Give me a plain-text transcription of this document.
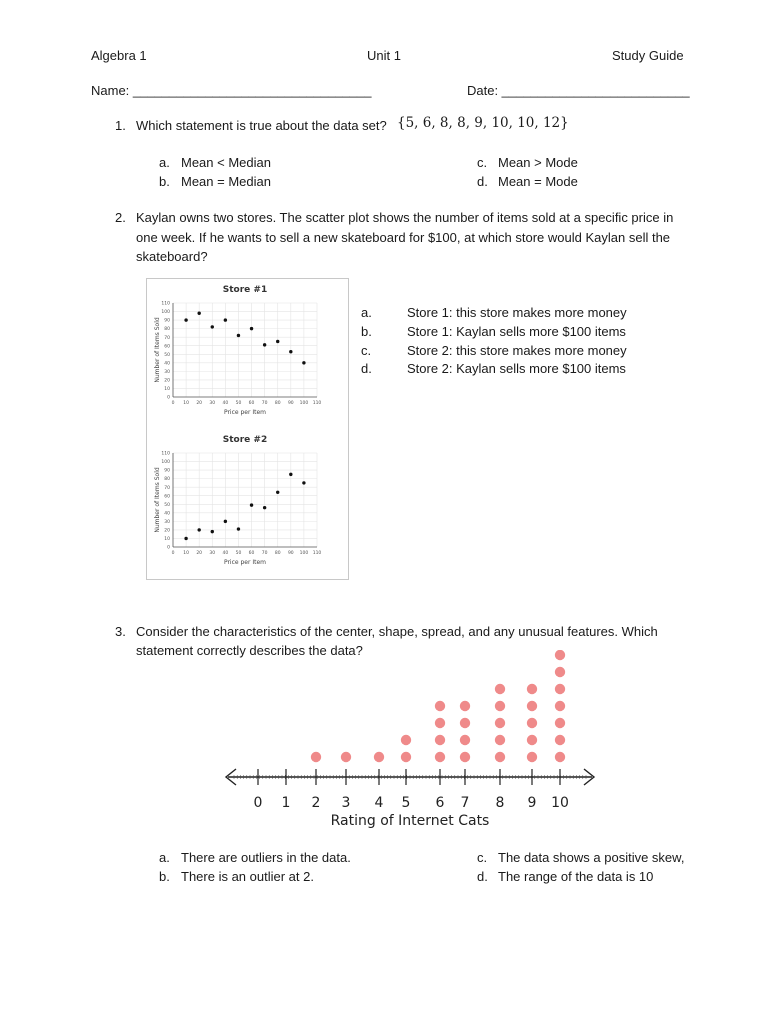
Algebra 1	Unit 1	Study Guide
Name: _________________________________	Date: __________________________
1. Which statement is true about the data set? {5, 6, 8, 8, 9, 10, 10, 12}
a. Mean < Median
b. Mean = Median
c. Mean > Mode
d. Mean = Mode
2. Kaylan owns two stores. The scatter plot shows the number of items sold at a specific price in
one week. If he wants to sell a new skateboard for $100, at which store would Kaylan sell the
skateboard?
Store #1
0
10
20
30
40
50
60
70
80
90
100
110
0 10 20 30 40 50 60 70 80 90 100 110
Price per Item
Number of Items Sold
Store #2
0
10
20
30
40
50
60
70
80
90
100
110
0 10 20 30 40 50 60 70 80 90 100 110
Price per Item
Number of Items Sold
a.	Store 1: this store makes more money
b.	Store 1: Kaylan sells more $100 items
c.	Store 2: this store makes more money
d.	Store 2: Kaylan sells more $100 items
3. Consider the characteristics of the center, shape, spread, and any unusual features. Which
statement correctly describes the data?
0 1 2 3 4 5 6 7 8 9 10
Rating of Internet Cats
a. There are outliers in the data.
b. There is an outlier at 2.
c. The data shows a positive skew,
d. The range of the data is 10
